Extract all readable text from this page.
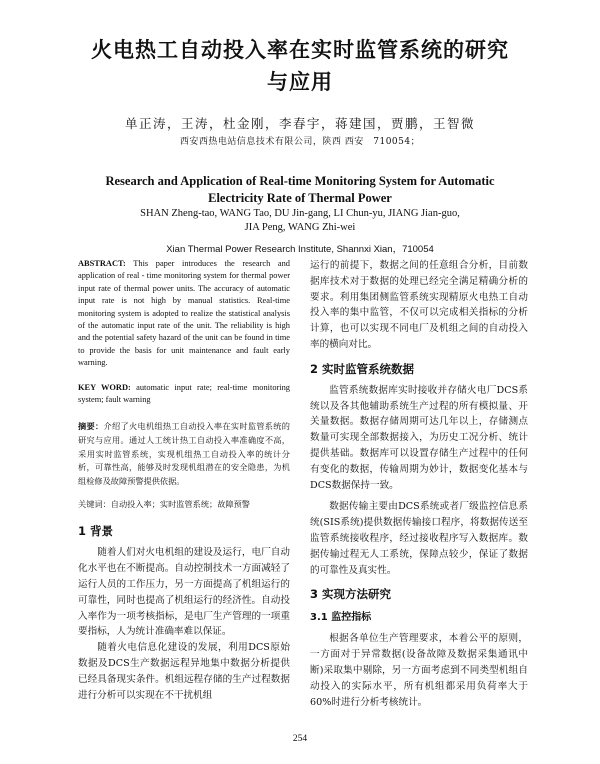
火电热工自动投入率在实时监管系统的研究
与应用
单正涛，王涛，杜金刚，李春宇，蒋建国，贾鹏，王智微
西安西热电站信息技术有限公司，陕西 西安　710054；
Research and Application of Real-time Monitoring System for Automatic
Electricity Rate of Thermal Power
SHAN Zheng-tao, WANG Tao, DU Jin-gang, LI Chun-yu, JIANG Jian-guo,
JIA Peng, WANG Zhi-wei
Xian Thermal Power Research Institute, Shannxi Xian，710054

ABSTRACT: This paper introduces the research and application of real - time monitoring system for thermal power input rate of thermal power units. The accuracy of automatic input rate is not high by manual statistics. Real-time monitoring system is adopted to realize the statistical analysis of the automatic input rate of the unit. The reliability is high and the potential safety hazard of the unit can be found in time to provide the basis for unit maintenance and fault early warning.

KEY WORD: automatic input rate; real-time monitoring system; fault warning

摘要：介绍了火电机组热工自动投入率在实时监管系统的研究与应用。通过人工统计热工自动投入率准确度不高，采用实时监管系统，实现机组热工自动投入率的统计分析，可靠性高，能够及时发现机组潜在的安全隐患，为机组检修及故障预警提供依据。

关键词：自动投入率；实时监管系统；故障预警

1 背景

随着人们对火电机组的建设及运行，电厂自动化水平也在不断提高。自动控制技术一方面减轻了运行人员的工作压力，另一方面提高了机组运行的可靠性，同时也提高了机组运行的经济性。自动投入率作为一项考核指标，是电厂生产管理的一项重要指标，人为统计准确率难以保证。

随着火电信息化建设的发展，利用DCS原始数据及DCS生产数据远程异地集中数据分析提供已经具备现实条件。机组远程存储的生产过程数据进行分析可以实现在不干扰机组

运行的前提下，数据之间的任意组合分析，目前数据库技术对于数据的处理已经完全满足精确分析的要求。利用集团侧监管系统实现精原火电热工自动投入率的集中监管，不仅可以完成相关指标的分析计算，也可以实现不同电厂及机组之间的自动投入率的横向对比。

2 实时监管系统数据

监管系统数据库实时接收并存储火电厂DCS系统以及各其他辅助系统生产过程的所有模拟量、开关量数据。数据存储周期可达几年以上，存储测点数量可实现全部数据接入，为历史工况分析、统计提供基础。数据库可以设置存储生产过程中的任何有变化的数据，传输周期为妙计，数据变化基本与DCS数据保持一致。

数据传输主要由DCS系统或者厂级监控信息系统(SIS系统)提供数据传输接口程序，将数据传送至监管系统接收程序，经过接收程序写入数据库。数据传输过程无人工系统，保障点较少，保证了数据的可靠性及真实性。

3 实现方法研究
3.1 监控指标

根据各单位生产管理要求，本着公平的原则，一方面对于异常数据(设备故障及数据采集通讯中断)采取集中剔除，另一方面考虑到不同类型机组自动投入的实际水平，所有机组都采用负荷率大于60%时进行分析考核统计。

254
